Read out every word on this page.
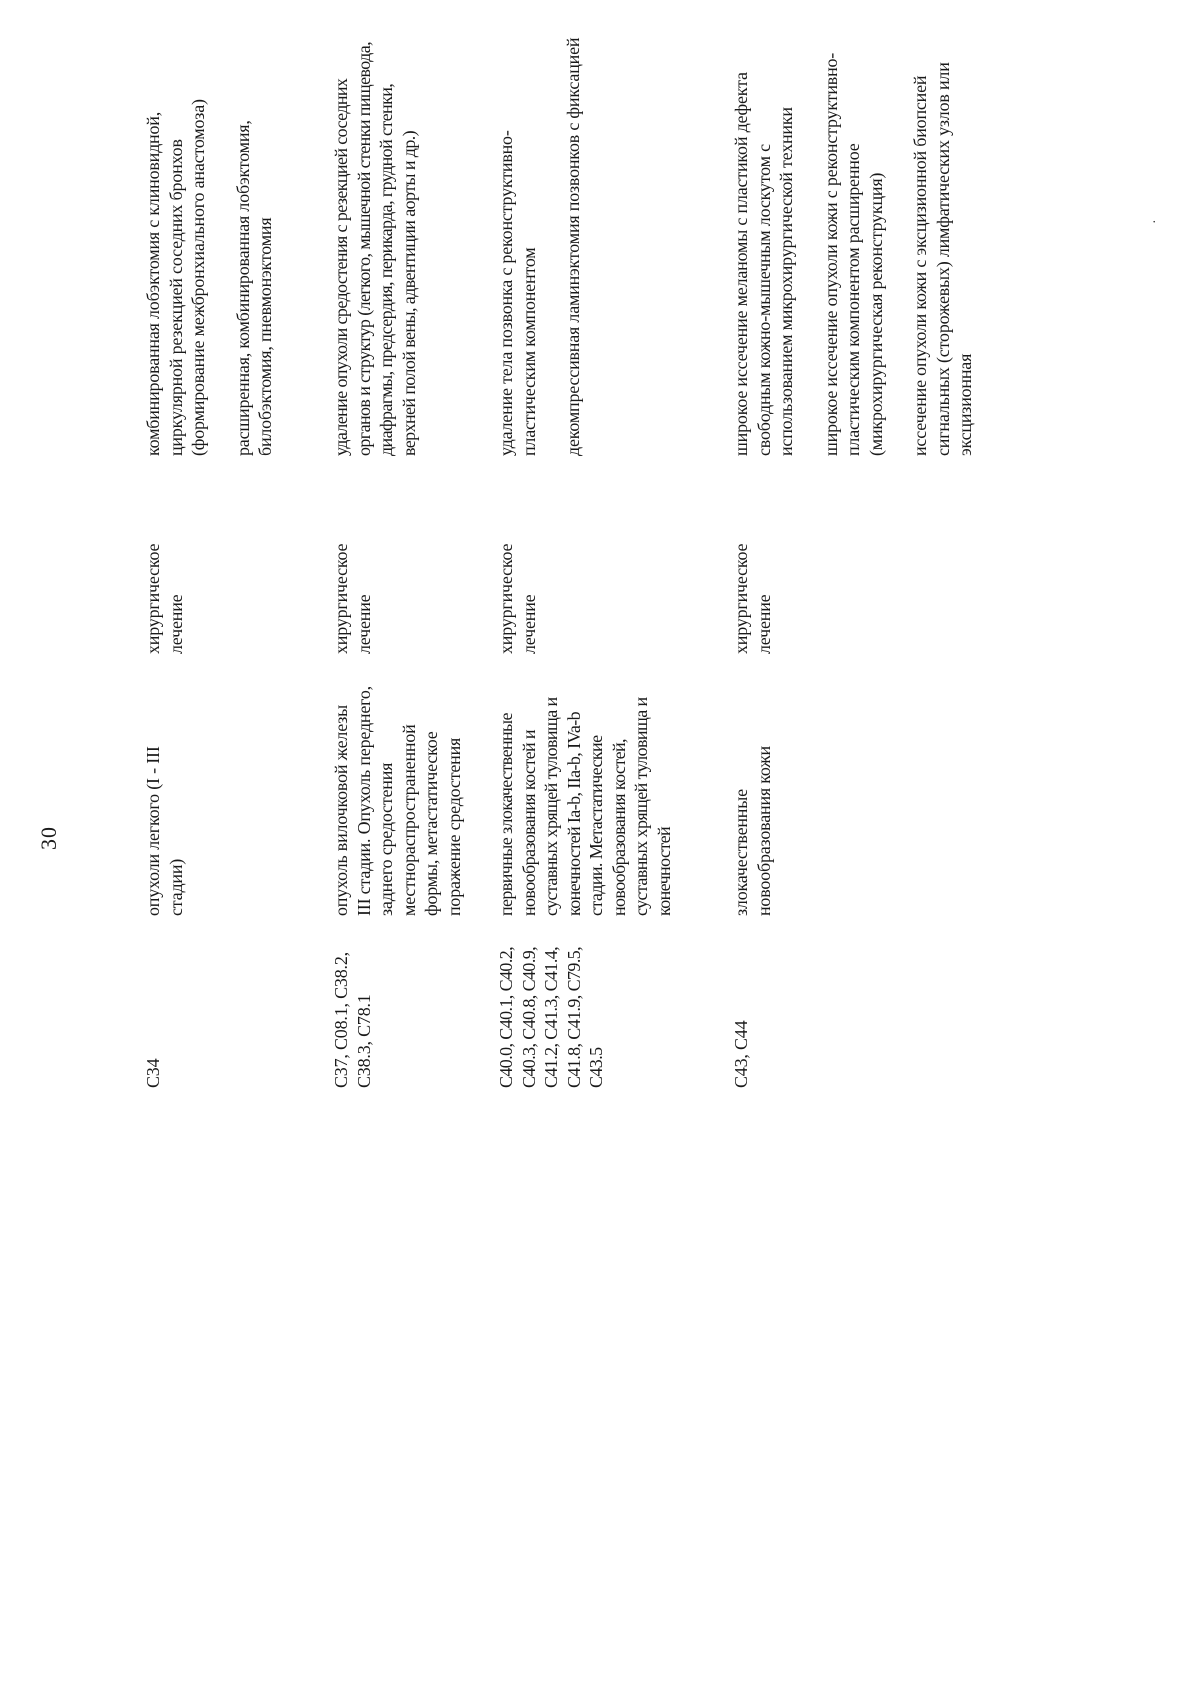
30
C34
опухоли легкого (I - III стадии)
хирургическое лечение
комбинированная лобэктомия с клиновидной, циркулярной резекцией соседних бронхов (формирование межбронхиального анастомоза) расширенная, комбинированная лобэктомия, билобэктомия, пневмонэктомия
C37, C08.1, C38.2, C38.3, C78.1
опухоль вилочковой железы III стадии. Опухоль переднего, заднего средостения местнораспространенной формы, метастатическое поражение средостения
хирургическое лечение
удаление опухоли средостения с резекцией соседних органов и структур (легкого, мышечной стенки пищевода, диафрагмы, предсердия, перикарда, грудной стенки, верхней полой вены, адвентиции аорты и др.)
C40.0, C40.1, C40.2, C40.3, C40.8, C40.9, C41.2, C41.3, C41.4, C41.8, C41.9, C79.5, C43.5
первичные злокачественные новообразования костей и суставных хрящей туловища и конечностей Ia-b, IIa-b, IVa-b стадии. Метастатические новообразования костей, суставных хрящей туловища и конечностей
хирургическое лечение
удаление тела позвонка с реконструктивно-пластическим компонентом декомпрессивная ламинэктомия позвонков с фиксацией
C43, C44
злокачественные новообразования кожи
хирургическое лечение
широкое иссечение меланомы с пластикой дефекта свободным кожно-мышечным лоскутом с использованием микрохирургической техники широкое иссечение опухоли кожи с реконструктивно-пластическим компонентом расширенное (микрохирургическая реконструкция) иссечение опухоли кожи с эксцизионной биопсией сигнальных (сторожевых) лимфатических узлов или эксцизионная
·
